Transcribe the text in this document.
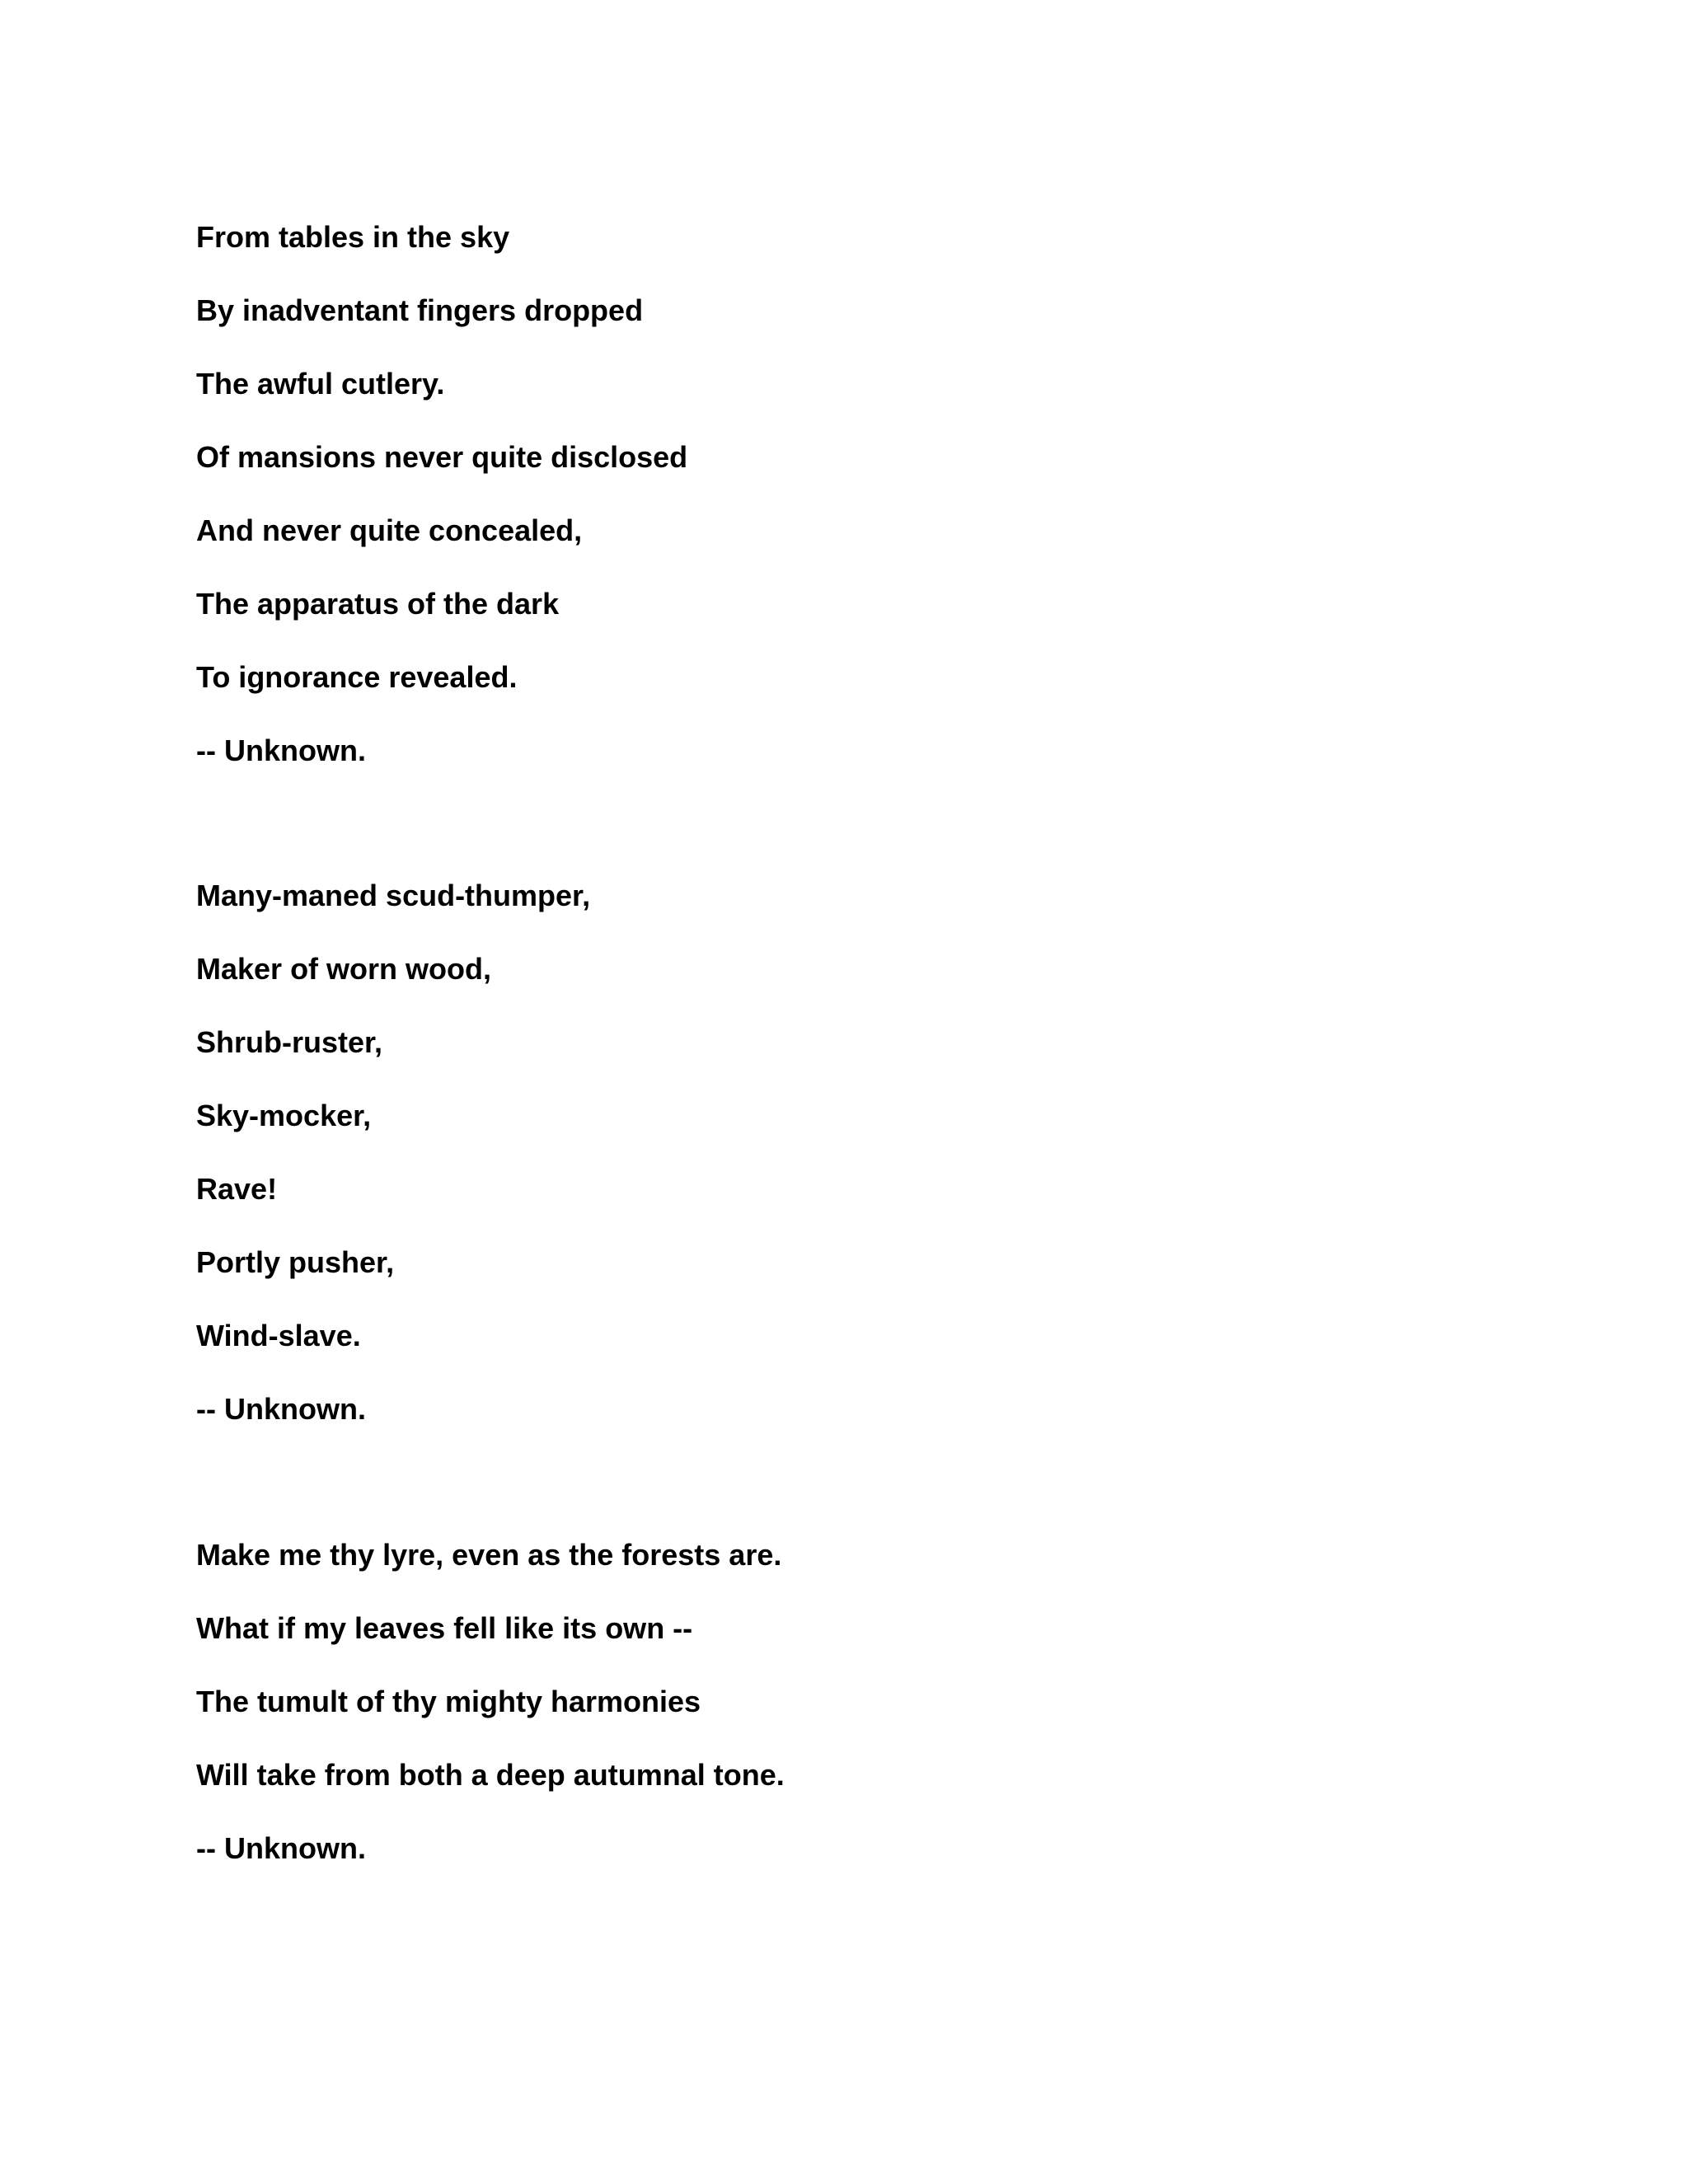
From tables in the sky
By inadventant fingers dropped
The awful cutlery.
Of mansions never quite disclosed
And never quite concealed,
The apparatus of the dark
To ignorance revealed.
-- Unknown.
Many-maned scud-thumper,
Maker of worn wood,
Shrub-ruster,
Sky-mocker,
Rave!
Portly pusher,
Wind-slave.
-- Unknown.
Make me thy lyre, even as the forests are.
What if my leaves fell like its own --
The tumult of thy mighty harmonies
Will take from both a deep autumnal tone.
-- Unknown.
